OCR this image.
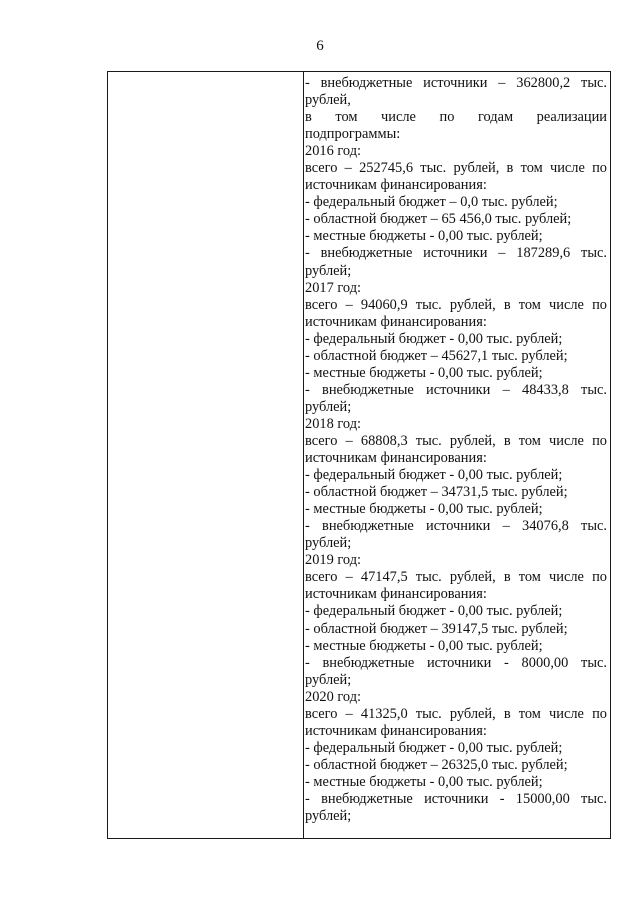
6
- внебюджетные источники – 362800,2 тыс.
рублей,
в том числе по годам реализации
подпрограммы:
2016 год:
всего – 252745,6 тыс. рублей, в том числе по
источникам финансирования:
- федеральный бюджет – 0,0 тыс. рублей;
- областной бюджет – 65 456,0 тыс. рублей;
- местные бюджеты - 0,00 тыс. рублей;
- внебюджетные источники – 187289,6 тыс.
рублей;
2017 год:
всего – 94060,9 тыс. рублей, в том числе по
источникам финансирования:
- федеральный бюджет - 0,00 тыс. рублей;
- областной бюджет – 45627,1 тыс. рублей;
- местные бюджеты - 0,00 тыс. рублей;
- внебюджетные источники – 48433,8 тыс.
рублей;
2018 год:
всего – 68808,3 тыс. рублей, в том числе по
источникам финансирования:
- федеральный бюджет - 0,00 тыс. рублей;
- областной бюджет – 34731,5 тыс. рублей;
- местные бюджеты - 0,00 тыс. рублей;
- внебюджетные источники – 34076,8 тыс.
рублей;
2019 год:
всего – 47147,5 тыс. рублей, в том числе по
источникам финансирования:
- федеральный бюджет - 0,00 тыс. рублей;
- областной бюджет – 39147,5 тыс. рублей;
- местные бюджеты - 0,00 тыс. рублей;
- внебюджетные источники - 8000,00 тыс.
рублей;
2020 год:
всего – 41325,0 тыс. рублей, в том числе по
источникам финансирования:
- федеральный бюджет - 0,00 тыс. рублей;
- областной бюджет – 26325,0 тыс. рублей;
- местные бюджеты - 0,00 тыс. рублей;
- внебюджетные источники - 15000,00 тыс.
рублей;
